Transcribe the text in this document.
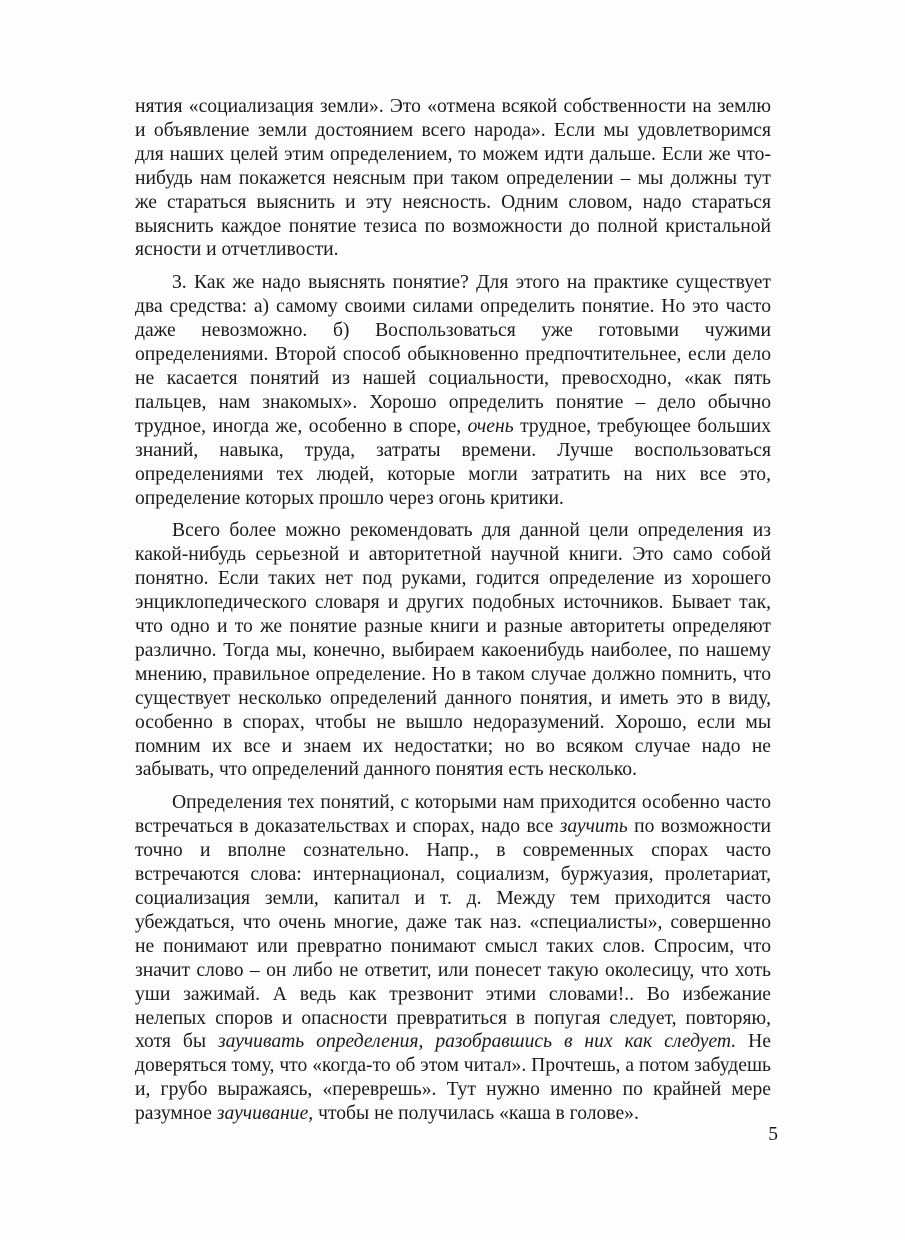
нятия «социализация земли». Это «отмена всякой собственности на землю и объявление земли достоянием всего народа». Если мы удовлетворимся для наших целей этим определением, то можем идти дальше. Если же что-нибудь нам покажется неясным при таком определении – мы должны тут же стараться выяснить и эту неясность. Одним словом, надо стараться выяснить каждое понятие тезиса по возможности до полной кристальной ясности и отчетливости.

3. Как же надо выяснять понятие? Для этого на практике существует два средства: а) самому своими силами определить понятие. Но это часто даже невозможно. б) Воспользоваться уже готовыми чужими определениями. Второй способ обыкновенно предпочтительнее, если дело не касается понятий из нашей социальности, превосходно, «как пять пальцев, нам знакомых». Хорошо определить понятие – дело обычно трудное, иногда же, особенно в споре, очень трудное, требующее больших знаний, навыка, труда, затраты времени. Лучше воспользоваться определениями тех людей, которые могли затратить на них все это, определение которых прошло через огонь критики.

Всего более можно рекомендовать для данной цели определения из какой-нибудь серьезной и авторитетной научной книги. Это само собой понятно. Если таких нет под руками, годится определение из хорошего энциклопедического словаря и других подобных источников. Бывает так, что одно и то же понятие разные книги и разные авторитеты определяют различно. Тогда мы, конечно, выбираем какоенибудь наиболее, по нашему мнению, правильное определение. Но в таком случае должно помнить, что существует несколько определений данного понятия, и иметь это в виду, особенно в спорах, чтобы не вышло недоразумений. Хорошо, если мы помним их все и знаем их недостатки; но во всяком случае надо не забывать, что определений данного понятия есть несколько.

Определения тех понятий, с которыми нам приходится особенно часто встречаться в доказательствах и спорах, надо все заучить по возможности точно и вполне сознательно. Напр., в современных спорах часто встречаются слова: интернационал, социализм, буржуазия, пролетариат, социализация земли, капитал и т. д. Между тем приходится часто убеждаться, что очень многие, даже так наз. «специалисты», совершенно не понимают или превратно понимают смысл таких слов. Спросим, что значит слово – он либо не ответит, или понесет такую околесицу, что хоть уши зажимай. А ведь как трезвонит этими словами!.. Во избежание нелепых споров и опасности превратиться в попугая следует, повторяю, хотя бы заучивать определения, разобравшись в них как следует. Не доверяться тому, что «когда-то об этом читал». Прочтешь, а потом забудешь и, грубо выражаясь, «переврешь». Тут нужно именно по крайней мере разумное заучивание, чтобы не получилась «каша в голове».

5
